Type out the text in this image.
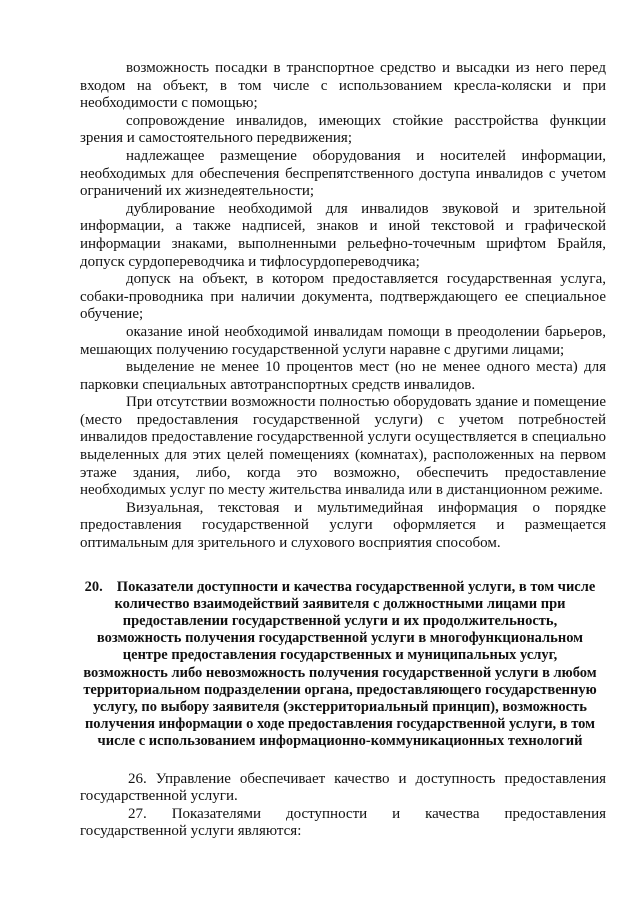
возможность посадки в транспортное средство и высадки из него перед входом на объект, в том числе с использованием кресла-коляски и при необходимости с помощью;

сопровождение инвалидов, имеющих стойкие расстройства функции зрения и самостоятельного передвижения;

надлежащее размещение оборудования и носителей информации, необходимых для обеспечения беспрепятственного доступа инвалидов с учетом ограничений их жизнедеятельности;

дублирование необходимой для инвалидов звуковой и зрительной информации, а также надписей, знаков и иной текстовой и графической информации знаками, выполненными рельефно-точечным шрифтом Брайля, допуск сурдопереводчика и тифлосурдопереводчика;

допуск на объект, в котором предоставляется государственная услуга, собаки-проводника при наличии документа, подтверждающего ее специальное обучение;

оказание иной необходимой инвалидам помощи в преодолении барьеров, мешающих получению государственной услуги наравне с другими лицами;

выделение не менее 10 процентов мест (но не менее одного места) для парковки специальных автотранспортных средств инвалидов.

При отсутствии возможности полностью оборудовать здание и помещение (место предоставления государственной услуги) с учетом потребностей инвалидов предоставление государственной услуги осуществляется в специально выделенных для этих целей помещениях (комнатах), расположенных на первом этаже здания, либо, когда это возможно, обеспечить предоставление необходимых услуг по месту жительства инвалида или в дистанционном режиме.

Визуальная, текстовая и мультимедийная информация о порядке предоставления государственной услуги оформляется и размещается оптимальным для зрительного и слухового восприятия способом.

20. Показатели доступности и качества государственной услуги, в том числе количество взаимодействий заявителя с должностными лицами при предоставлении государственной услуги и их продолжительность, возможность получения государственной услуги в многофункциональном центре предоставления государственных и муниципальных услуг, возможность либо невозможность получения государственной услуги в любом территориальном подразделении органа, предоставляющего государственную услугу, по выбору заявителя (экстерриториальный принцип), возможность получения информации о ходе предоставления государственной услуги, в том числе с использованием информационно-коммуникационных технологий

26. Управление обеспечивает качество и доступность предоставления государственной услуги.

27. Показателями доступности и качества предоставления государственной услуги являются:
